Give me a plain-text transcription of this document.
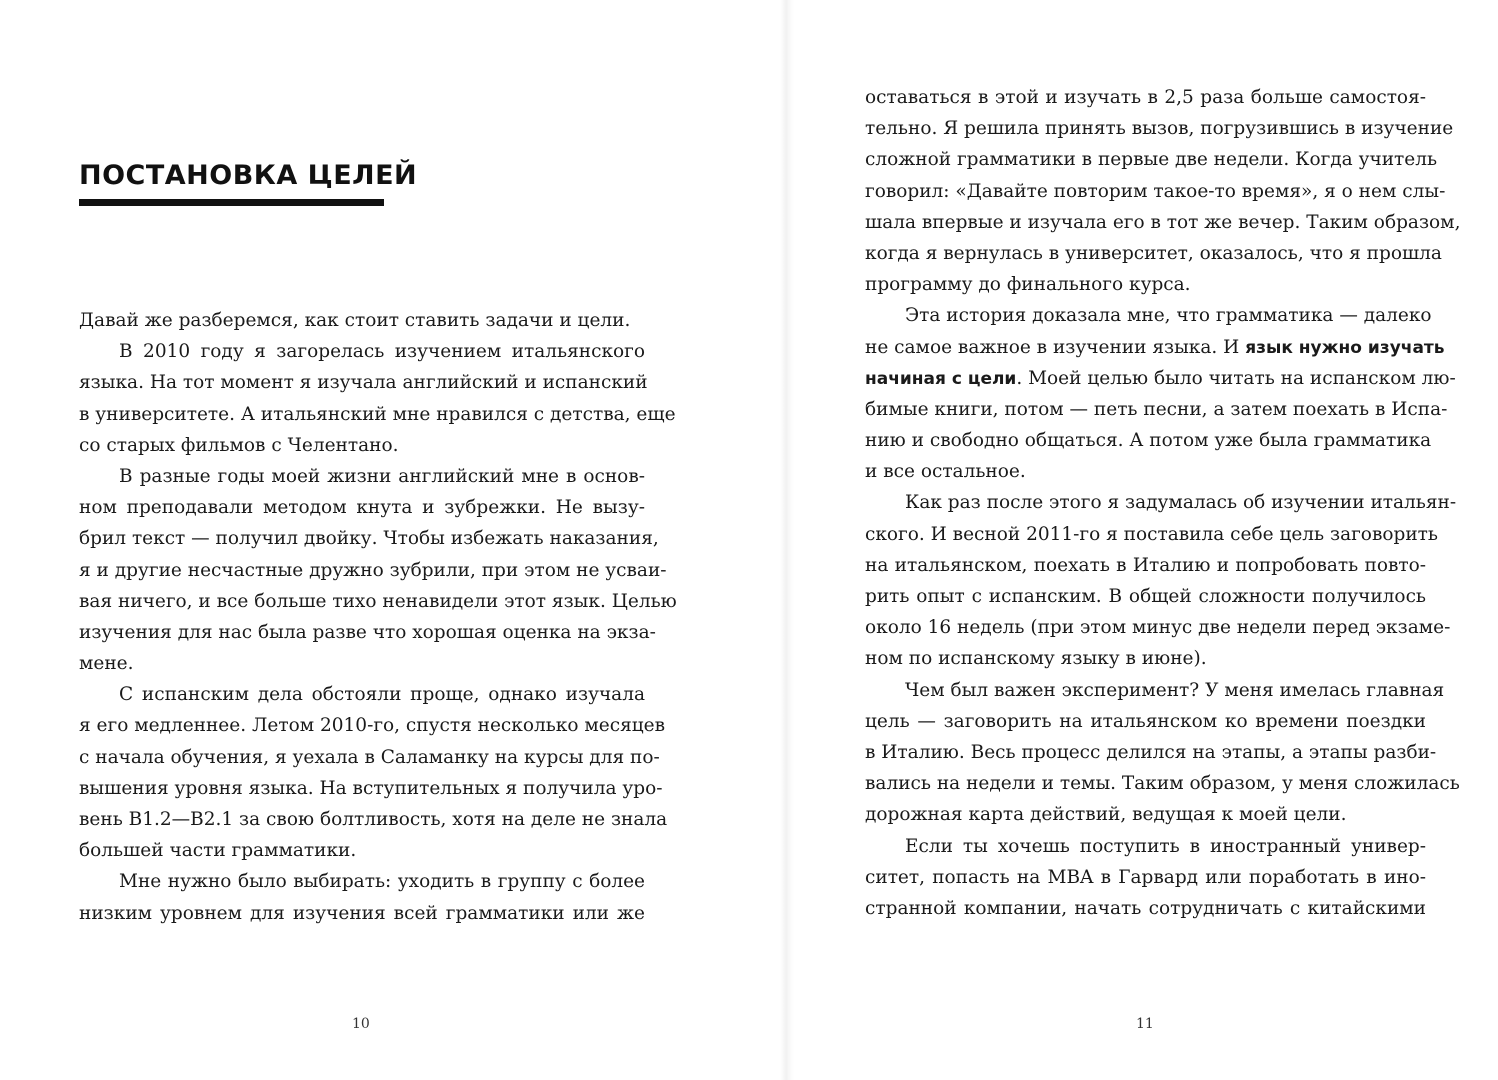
ПОСТАНОВКА ЦЕЛЕЙ
Давай же разберемся, как стоит ставить задачи и цели.
В 2010 году я загорелась изучением итальянского
языка. На тот момент я изучала английский и испанский
в университете. А итальянский мне нравился с детства, еще
со старых фильмов с Челентано.
В разные годы моей жизни английский мне в основ-
ном преподавали методом кнута и зубрежки. Не вызу-
брил текст — получил двойку. Чтобы избежать наказания,
я и другие несчастные дружно зубрили, при этом не усваи-
вая ничего, и все больше тихо ненавидели этот язык. Целью
изучения для нас была разве что хорошая оценка на экза-
мене.
С испанским дела обстояли проще, однако изучала
я его медленнее. Летом 2010-го, спустя несколько месяцев
с начала обучения, я уехала в Саламанку на курсы для по-
вышения уровня языка. На вступительных я получила уро-
вень B1.2—B2.1 за свою болтливость, хотя на деле не знала
большей части грамматики.
Мне нужно было выбирать: уходить в группу с более
низким уровнем для изучения всей грамматики или же
10
оставаться в этой и изучать в 2,5 раза больше самостоя-
тельно. Я решила принять вызов, погрузившись в изучение
сложной грамматики в первые две недели. Когда учитель
говорил: «Давайте повторим такое-то время», я о нем слы-
шала впервые и изучала его в тот же вечер. Таким образом,
когда я вернулась в университет, оказалось, что я прошла
программу до финального курса.
Эта история доказала мне, что грамматика — далеко
не самое важное в изучении языка. И язык нужно изучать
начиная с цели. Моей целью было читать на испанском лю-
бимые книги, потом — петь песни, а затем поехать в Испа-
нию и свободно общаться. А потом уже была грамматика
и все остальное.
Как раз после этого я задумалась об изучении итальян-
ского. И весной 2011-го я поставила себе цель заговорить
на итальянском, поехать в Италию и попробовать повто-
рить опыт с испанским. В общей сложности получилось
около 16 недель (при этом минус две недели перед экзаме-
ном по испанскому языку в июне).
Чем был важен эксперимент? У меня имелась главная
цель — заговорить на итальянском ко времени поездки
в Италию. Весь процесс делился на этапы, а этапы разби-
вались на недели и темы. Таким образом, у меня сложилась
дорожная карта действий, ведущая к моей цели.
Если ты хочешь поступить в иностранный универ-
ситет, попасть на MBA в Гарвард или поработать в ино-
странной компании, начать сотрудничать с китайскими
11
